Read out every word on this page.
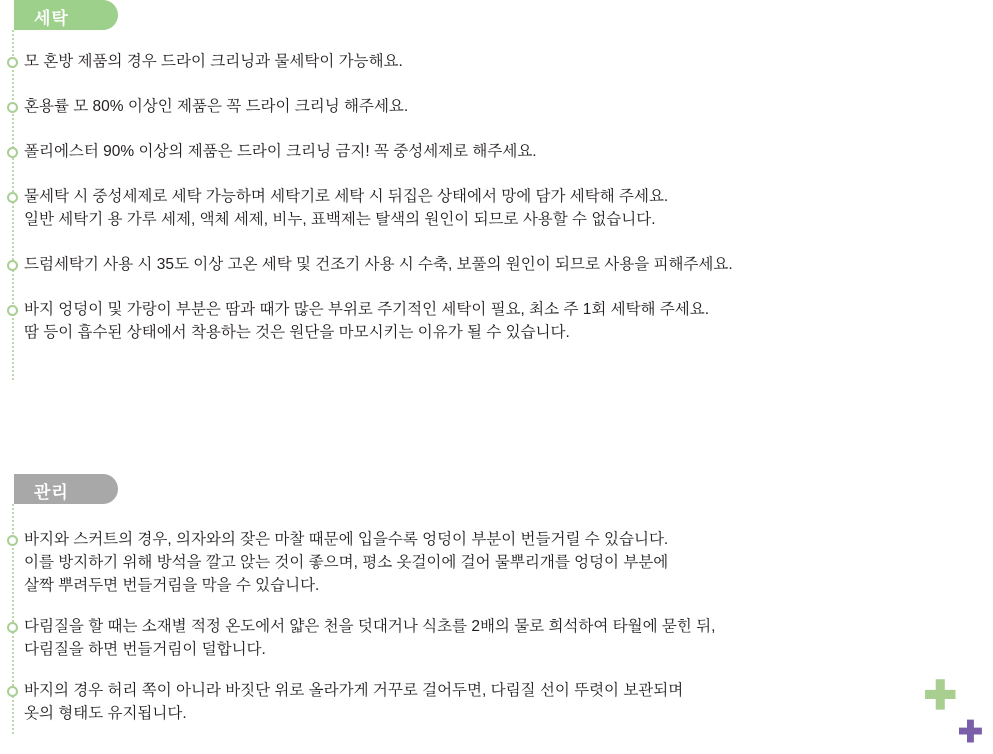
세탁
모 혼방 제품의 경우 드라이 크리닝과 물세탁이 가능해요.
혼용률 모 80% 이상인 제품은 꼭 드라이 크리닝 해주세요.
폴리에스터 90% 이상의 제품은 드라이 크리닝 금지! 꼭 중성세제로 해주세요.
물세탁 시 중성세제로 세탁 가능하며 세탁기로 세탁 시 뒤집은 상태에서 망에 담가 세탁해 주세요.
일반 세탁기 용 가루 세제, 액체 세제, 비누, 표백제는 탈색의 원인이 되므로 사용할 수 없습니다.
드럼세탁기 사용 시 35도 이상 고온 세탁 및 건조기 사용 시 수축, 보풀의 원인이 되므로 사용을 피해주세요.
바지 엉덩이 및 가랑이 부분은 땀과 때가 많은 부위로 주기적인 세탁이 필요, 최소 주 1회 세탁해 주세요.
땀 등이 흡수된 상태에서 착용하는 것은 원단을 마모시키는 이유가 될 수 있습니다.
관리
바지와 스커트의 경우, 의자와의 잦은 마찰 때문에 입을수록 엉덩이 부분이 번들거릴 수 있습니다.
이를 방지하기 위해 방석을 깔고 앉는 것이 좋으며, 평소 옷걸이에 걸어 물뿌리개를 엉덩이 부분에
살짝 뿌려두면 번들거림을 막을 수 있습니다.
다림질을 할 때는 소재별 적정 온도에서 얇은 천을 덧대거나 식초를 2배의 물로 희석하여 타월에 묻힌 뒤,
다림질을 하면 번들거림이 덜합니다.
바지의 경우 허리 쪽이 아니라 바짓단 위로 올라가게 거꾸로 걸어두면, 다림질 선이 뚜렷이 보관되며
옷의 형태도 유지됩니다.	✚
✚
